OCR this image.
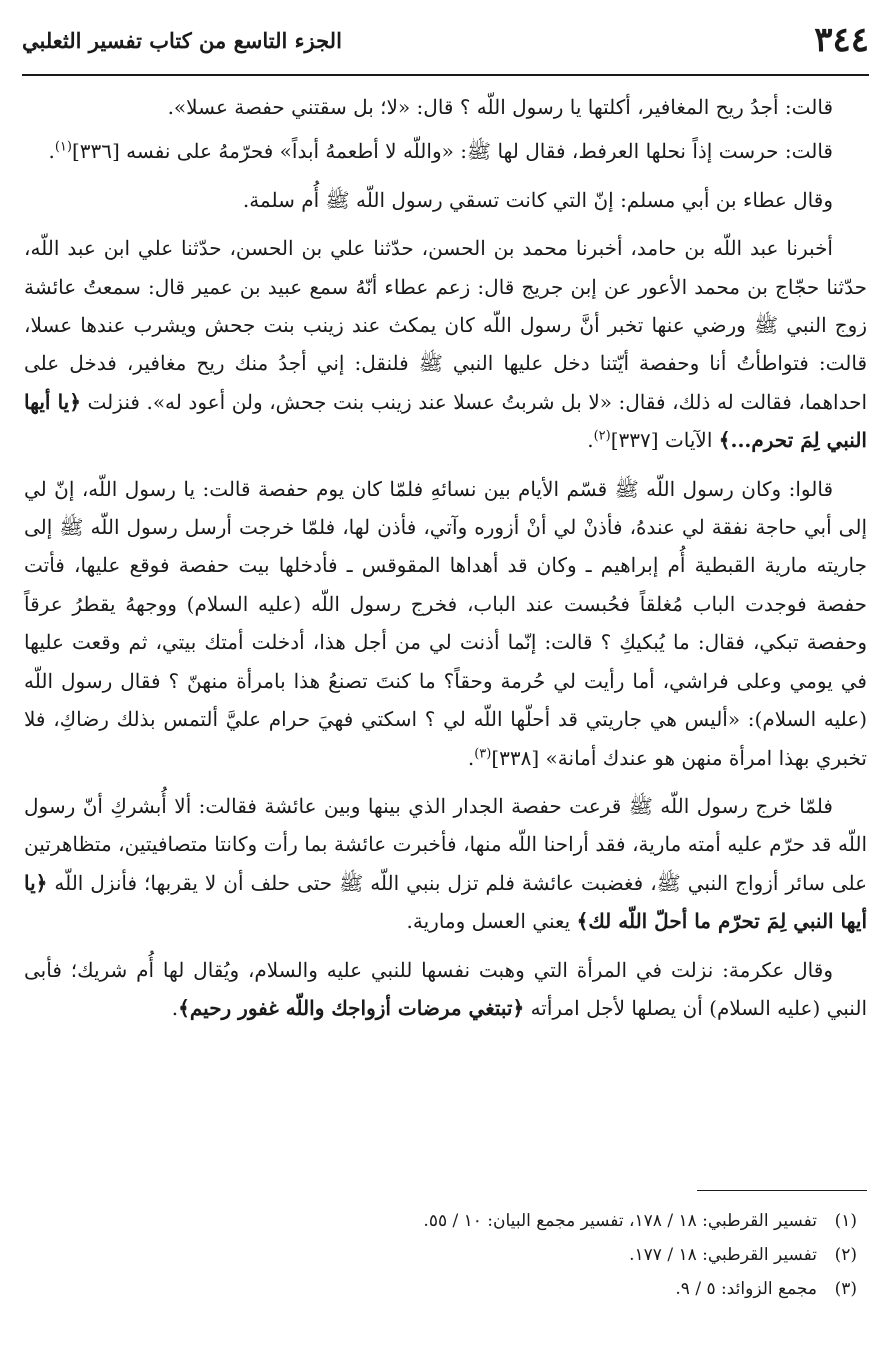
٣٤٤
الجزء التاسع من كتاب تفسير الثعلبي

قالت: أجدُ ريح المغافير، أكلتها يا رسول اللّه ؟ قال: «لا؛ بل سقتني حفصة عسلا».

قالت: حرست إذاً نحلها العرفط، فقال لها ﷺ: «واللّه لا أطعمهُ أبداً» فحرّمهُ على نفسه [٣٣٦]$^{(١)}$.

وقال عطاء بن أبي مسلم: إنّ التي كانت تسقي رسول اللّه ﷺ أُم سلمة.

أخبرنا عبد اللّه بن حامد، أخبرنا محمد بن الحسن، حدّثنا علي بن الحسن، حدّثنا علي ابن عبد اللّه، حدّثنا حجّاج بن محمد الأعور عن إبن جريج قال: زعم عطاء أنّهُ سمع عبيد بن عمير قال: سمعتُ عائشة زوج النبي ﷺ ورضي عنها تخبر أنَّ رسول اللّه كان يمكث عند زينب بنت جحش ويشرب عندها عسلا، قالت: فتواطأتُ أنا وحفصة أيّتنا دخل عليها النبي ﷺ فلنقل: إني أجدُ منك ريح مغافير، فدخل على احداهما، فقالت له ذلك، فقال: «لا بل شربتُ عسلا عند زينب بنت جحش، ولن أعود له». فنزلت ﴿يا أيها النبي لِمَ تحرم...﴾ الآيات [٣٣٧]$^{(٢)}$.

قالوا: وكان رسول اللّه ﷺ قسّم الأيام بين نسائهِ فلمّا كان يوم حفصة قالت: يا رسول اللّه، إنّ لي إلى أبي حاجة نفقة لي عندهُ، فأذنْ لي أنْ أزوره وآتي، فأذن لها، فلمّا خرجت أرسل رسول اللّه ﷺ إلى جاريته مارية القبطية أُم إبراهيم ـ وكان قد أهداها المقوقس ـ فأدخلها بيت حفصة فوقع عليها، فأتت حفصة فوجدت الباب مُغلقاً فحُبست عند الباب، فخرج رسول اللّه (عليه السلام) ووجههُ يقطرُ عرقاً وحفصة تبكي، فقال: ما يُبكيكِ ؟ قالت: إنّما أذنت لي من أجل هذا، أدخلت أمتك بيتي، ثم وقعت عليها في يومي وعلى فراشي، أما رأيت لي حُرمة وحقاً؟ ما كنتَ تصنعُ هذا بامرأة منهنّ ؟ فقال رسول اللّه (عليه السلام): «أليس هي جاريتي قد أحلّها اللّه لي ؟ اسكتي فهيَ حرام عليَّ ألتمس بذلك رضاكِ، فلا تخبري بهذا امرأة منهن هو عندك أمانة» [٣٣٨]$^{(٣)}$.

فلمّا خرج رسول اللّه ﷺ قرعت حفصة الجدار الذي بينها وبين عائشة فقالت: ألا أُبشركِ أنّ رسول اللّه قد حرّم عليه أمته مارية، فقد أراحنا اللّه منها، فأخبرت عائشة بما رأت وكانتا متصافيتين، متظاهرتين على سائر أزواج النبي ﷺ، فغضبت عائشة فلم تزل بنبي اللّه ﷺ حتى حلف أن لا يقربها؛ فأنزل اللّه ﴿يا أيها النبي لِمَ تحرّم ما أحلّ اللّه لك﴾ يعني العسل ومارية.

وقال عكرمة: نزلت في المرأة التي وهبت نفسها للنبي عليه والسلام، ويُقال لها أُم شريك؛ فأبى النبي (عليه السلام) أن يصلها لأجل امرأته ﴿تبتغي مرضات أزواجك واللّه غفور رحيم﴾.

(١)تفسير القرطبي: ١٨ / ١٧٨، تفسير مجمع البيان: ١٠ / ٥٥.
(٢)تفسير القرطبي: ١٨ / ١٧٧.
(٣)مجمع الزوائد: ٥ / ٩.
